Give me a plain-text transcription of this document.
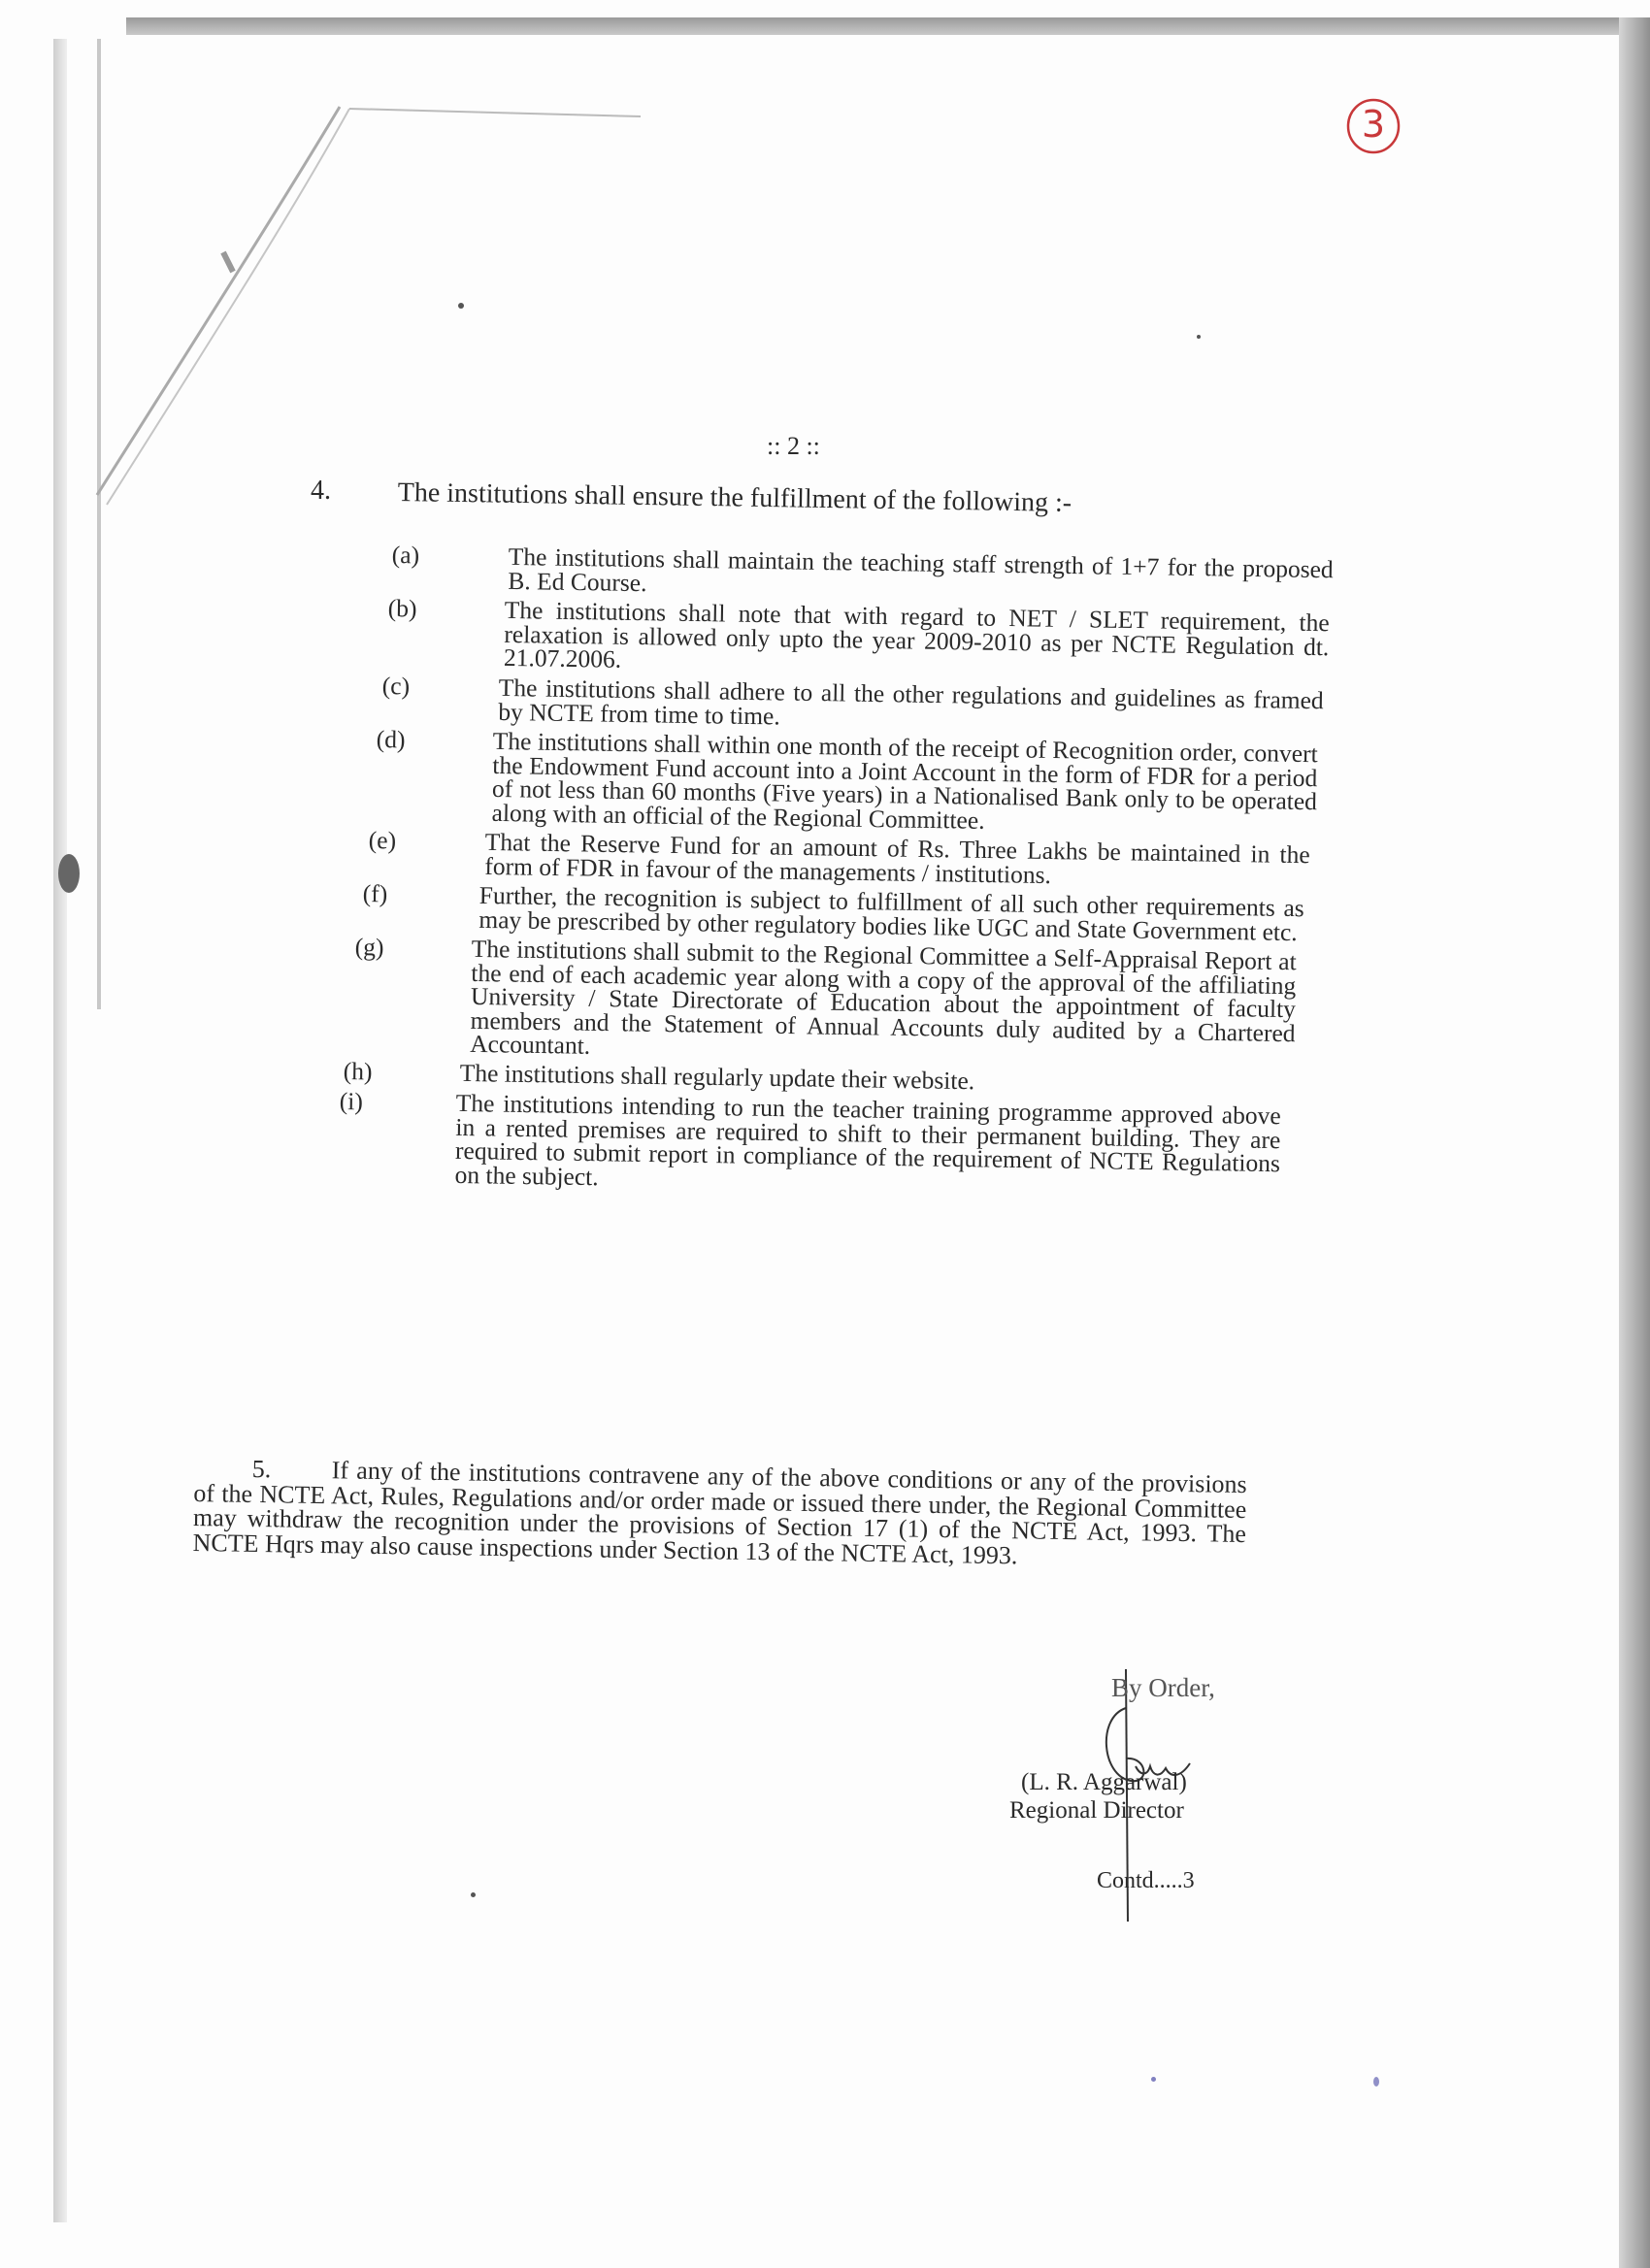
3
:: 2 ::
4. The institutions shall ensure the fulfillment of the following :-
(a)	The institutions shall maintain the teaching staff strength of 1+7 for the proposed B. Ed Course.
(b)	The institutions shall note that with regard to NET / SLET requirement, the relaxation is allowed only upto the year 2009-2010 as per NCTE Regulation dt. 21.07.2006.
(c)	The institutions shall adhere to all the other regulations and guidelines as framed by NCTE from time to time.
(d)	The institutions shall within one month of the receipt of Recognition order, convert the Endowment Fund account into a Joint Account in the form of FDR for a period of not less than 60 months (Five years) in a Nationalised Bank only to be operated along with an official of the Regional Committee.
(e)	That the Reserve Fund for an amount of Rs. Three Lakhs be maintained in the form of FDR in favour of the managements / institutions.
(f)	Further, the recognition is subject to fulfillment of all such other requirements as may be prescribed by other regulatory bodies like UGC and State Government etc.
(g)	The institutions shall submit to the Regional Committee a Self-Appraisal Report at the end of each academic year along with a copy of the approval of the affiliating University / State Directorate of Education about the appointment of faculty members and the Statement of Annual Accounts duly audited by a Chartered Accountant.
(h)	The institutions shall regularly update their website.
(i)	The institutions intending to run the teacher training programme approved above in a rented premises are required to shift to their permanent building. They are required to submit report in compliance of the requirement of NCTE Regulations on the subject.
5. If any of the institutions contravene any of the above conditions or any of the provisions of the NCTE Act, Rules, Regulations and/or order made or issued there under, the Regional Committee may withdraw the recognition under the provisions of Section 17 (1) of the NCTE Act, 1993. The NCTE Hqrs may also cause inspections under Section 13 of the NCTE Act, 1993.
By Order,
(L. R. Aggarwal)
Regional Director
Contd.....3
